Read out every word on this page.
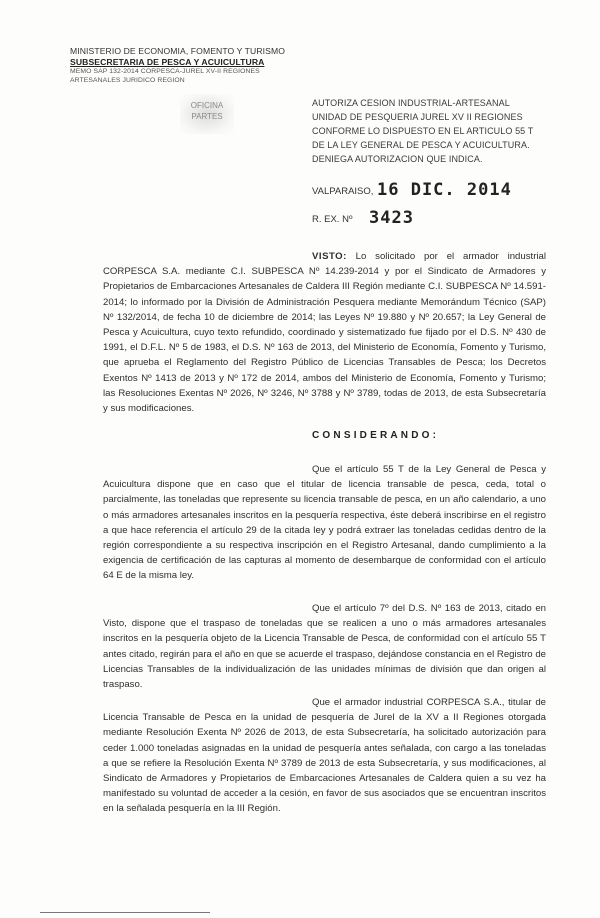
MINISTERIO DE ECONOMIA, FOMENTO Y TURISMO
SUBSECRETARIA DE PESCA Y ACUICULTURA
MEMO SAP 132-2014 CORPESCA-JUREL XV-II REGIONES
ARTESANALES JURIDICO REGION
OFICINA
PARTES
AUTORIZA CESION INDUSTRIAL-ARTESANAL UNIDAD DE PESQUERIA JUREL XV II REGIONES CONFORME LO DISPUESTO EN EL ARTICULO 55 T DE LA LEY GENERAL DE PESCA Y ACUICULTURA. DENIEGA AUTORIZACION QUE INDICA.
VALPARAISO, 16 DIC. 2014
R. EX. Nº 3423
VISTO: Lo solicitado por el armador industrial CORPESCA S.A. mediante C.I. SUBPESCA Nº 14.239-2014 y por el Sindicato de Armadores y Propietarios de Embarcaciones Artesanales de Caldera III Región mediante C.I. SUBPESCA Nº 14.591-2014; lo informado por la División de Administración Pesquera mediante Memorándum Técnico (SAP) Nº 132/2014, de fecha 10 de diciembre de 2014; las Leyes Nº 19.880 y Nº 20.657; la Ley General de Pesca y Acuicultura, cuyo texto refundido, coordinado y sistematizado fue fijado por el D.S. Nº 430 de 1991, el D.F.L. Nº 5 de 1983, el D.S. Nº 163 de 2013, del Ministerio de Economía, Fomento y Turismo, que aprueba el Reglamento del Registro Público de Licencias Transables de Pesca; los Decretos Exentos Nº 1413 de 2013 y Nº 172 de 2014, ambos del Ministerio de Economía, Fomento y Turismo; las Resoluciones Exentas Nº 2026, Nº 3246, Nº 3788 y Nº 3789, todas de 2013, de esta Subsecretaría y sus modificaciones.
CONSIDERANDO:
Que el artículo 55 T de la Ley General de Pesca y Acuicultura dispone que en caso que el titular de licencia transable de pesca, ceda, total o parcialmente, las toneladas que represente su licencia transable de pesca, en un año calendario, a uno o más armadores artesanales inscritos en la pesquería respectiva, éste deberá inscribirse en el registro a que hace referencia el artículo 29 de la citada ley y podrá extraer las toneladas cedidas dentro de la región correspondiente a su respectiva inscripción en el Registro Artesanal, dando cumplimiento a la exigencia de certificación de las capturas al momento de desembarque de conformidad con el artículo 64 E de la misma ley.
Que el artículo 7º del D.S. Nº 163 de 2013, citado en Visto, dispone que el traspaso de toneladas que se realicen a uno o más armadores artesanales inscritos en la pesquería objeto de la Licencia Transable de Pesca, de conformidad con el artículo 55 T antes citado, regirán para el año en que se acuerde el traspaso, dejándose constancia en el Registro de Licencias Transables de la individualización de las unidades mínimas de división que dan origen al traspaso.
Que el armador industrial CORPESCA S.A., titular de Licencia Transable de Pesca en la unidad de pesquería de Jurel de la XV a II Regiones otorgada mediante Resolución Exenta Nº 2026 de 2013, de esta Subsecretaría, ha solicitado autorización para ceder 1.000 toneladas asignadas en la unidad de pesquería antes señalada, con cargo a las toneladas a que se refiere la Resolución Exenta Nº 3789 de 2013 de esta Subsecretaría, y sus modificaciones, al Sindicato de Armadores y Propietarios de Embarcaciones Artesanales de Caldera quien a su vez ha manifestado su voluntad de acceder a la cesión, en favor de sus asociados que se encuentran inscritos en la señalada pesquería en la III Región.
